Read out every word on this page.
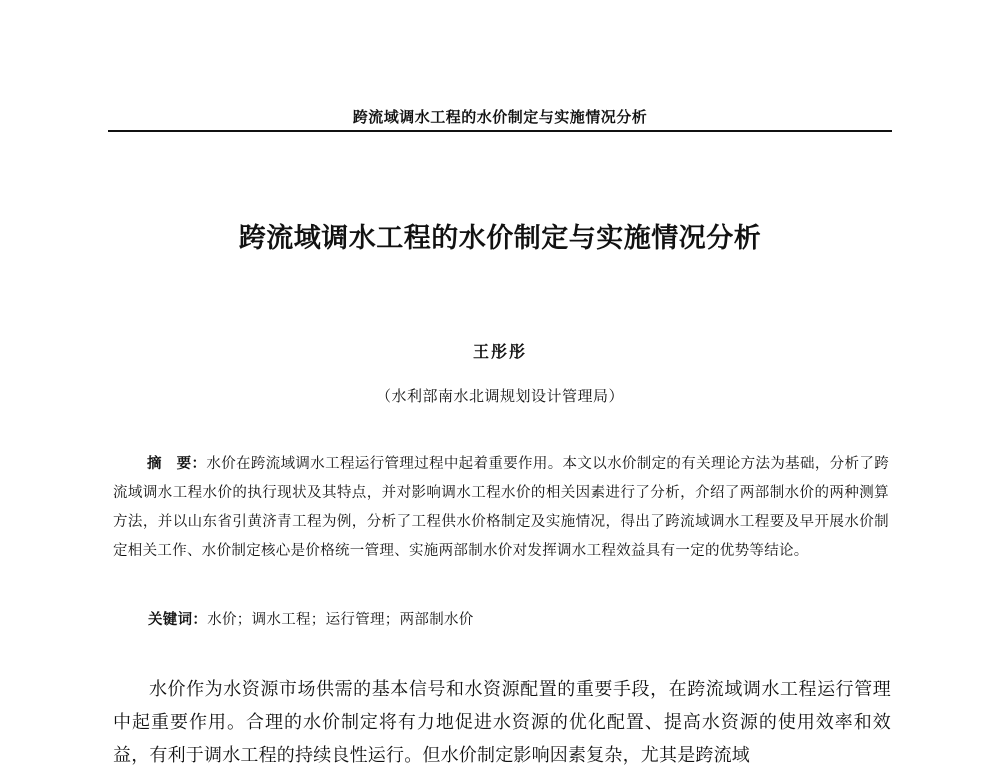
跨流域调水工程的水价制定与实施情况分析
跨流域调水工程的水价制定与实施情况分析
王彤彤
（水利部南水北调规划设计管理局）
摘　要：水价在跨流域调水工程运行管理过程中起着重要作用。本文以水价制定的有关理论方法为基础，分析了跨流域调水工程水价的执行现状及其特点，并对影响调水工程水价的相关因素进行了分析，介绍了两部制水价的两种测算方法，并以山东省引黄济青工程为例，分析了工程供水价格制定及实施情况，得出了跨流域调水工程要及早开展水价制定相关工作、水价制定核心是价格统一管理、实施两部制水价对发挥调水工程效益具有一定的优势等结论。
关键词：水价；调水工程；运行管理；两部制水价
水价作为水资源市场供需的基本信号和水资源配置的重要手段，在跨流域调水工程运行管理中起重要作用。合理的水价制定将有力地促进水资源的优化配置、提高水资源的使用效率和效益，有利于调水工程的持续良性运行。但水价制定影响因素复杂，尤其是跨流域
